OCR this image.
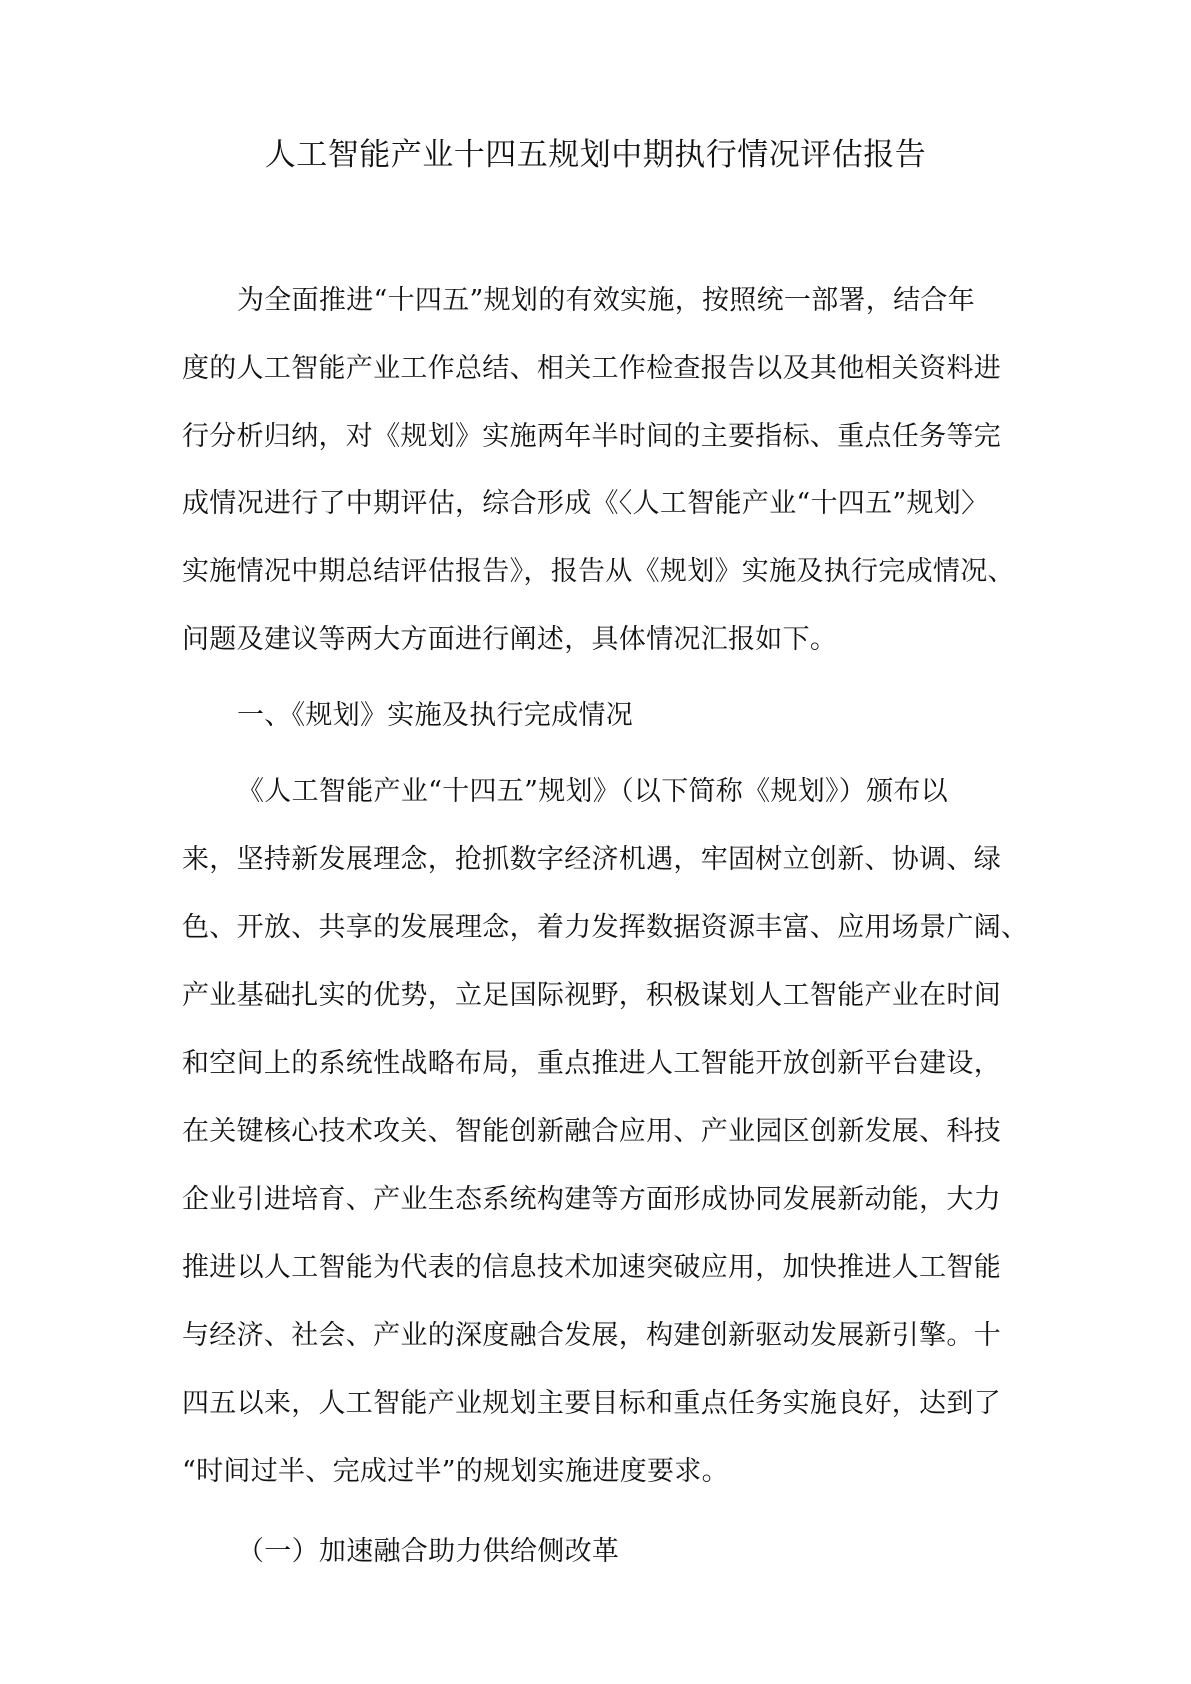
人工智能产业十四五规划中期执行情况评估报告
为全面推进“十四五”规划的有效实施，按照统一部署，结合年
度的人工智能产业工作总结、相关工作检查报告以及其他相关资料进
行分析归纳，对《规划》实施两年半时间的主要指标、重点任务等完
成情况进行了中期评估，综合形成《〈人工智能产业“十四五”规划〉
实施情况中期总结评估报告》，报告从《规划》实施及执行完成情况、
问题及建议等两大方面进行阐述，具体情况汇报如下。
一、《规划》实施及执行完成情况
《人工智能产业“十四五”规划》（以下简称《规划》）颁布以
来，坚持新发展理念，抢抓数字经济机遇，牢固树立创新、协调、绿
色、开放、共享的发展理念，着力发挥数据资源丰富、应用场景广阔、
产业基础扎实的优势，立足国际视野，积极谋划人工智能产业在时间
和空间上的系统性战略布局，重点推进人工智能开放创新平台建设，
在关键核心技术攻关、智能创新融合应用、产业园区创新发展、科技
企业引进培育、产业生态系统构建等方面形成协同发展新动能，大力
推进以人工智能为代表的信息技术加速突破应用，加快推进人工智能
与经济、社会、产业的深度融合发展，构建创新驱动发展新引擎。十
四五以来，人工智能产业规划主要目标和重点任务实施良好，达到了
“时间过半、完成过半”的规划实施进度要求。
（一）加速融合助力供给侧改革
